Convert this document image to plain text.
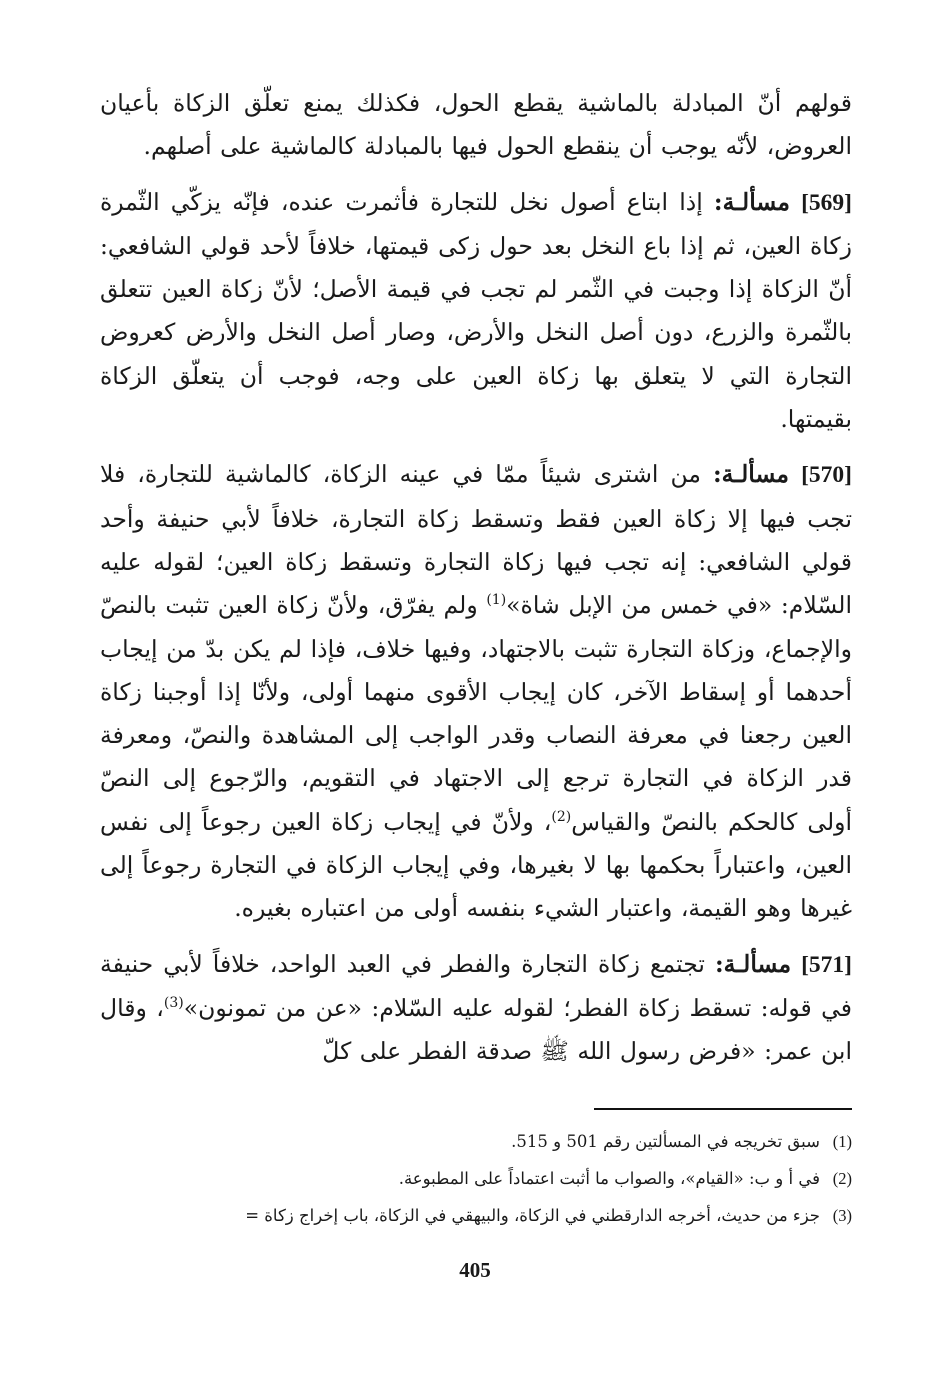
قولهم أنّ المبادلة بالماشية يقطع الحول، فكذلك يمنع تعلّق الزكاة بأعيان العروض، لأنّه يوجب أن ينقطع الحول فيها بالمبادلة كالماشية على أصلهم.

[569] مسألـة: إذا ابتاع أصول نخل للتجارة فأثمرت عنده، فإنّه يزكّي الثّمرة زكاة العين، ثم إذا باع النخل بعد حول زكى قيمتها، خلافاً لأحد قولي الشافعي: أنّ الزكاة إذا وجبت في الثّمر لم تجب في قيمة الأصل؛ لأنّ زكاة العين تتعلق بالثّمرة والزرع، دون أصل النخل والأرض، وصار أصل النخل والأرض كعروض التجارة التي لا يتعلق بها زكاة العين على وجه، فوجب أن يتعلّق الزكاة بقيمتها.

[570] مسألـة: من اشترى شيئاً ممّا في عينه الزكاة، كالماشية للتجارة، فلا تجب فيها إلا زكاة العين فقط وتسقط زكاة التجارة، خلافاً لأبي حنيفة وأحد قولي الشافعي: إنه تجب فيها زكاة التجارة وتسقط زكاة العين؛ لقوله عليه السّلام: «في خمس من الإبل شاة»$^{(1)}$ ولم يفرّق، ولأنّ زكاة العين تثبت بالنصّ والإجماع، وزكاة التجارة تثبت بالاجتهاد، وفيها خلاف، فإذا لم يكن بدّ من إيجاب أحدهما أو إسقاط الآخر، كان إيجاب الأقوى منهما أولى، ولأنّا إذا أوجبنا زكاة العين رجعنا في معرفة النصاب وقدر الواجب إلى المشاهدة والنصّ، ومعرفة قدر الزكاة في التجارة ترجع إلى الاجتهاد في التقويم، والرّجوع إلى النصّ أولى كالحكم بالنصّ والقياس$^{(2)}$، ولأنّ في إيجاب زكاة العين رجوعاً إلى نفس العين، واعتباراً بحكمها بها لا بغيرها، وفي إيجاب الزكاة في التجارة رجوعاً إلى غيرها وهو القيمة، واعتبار الشيء بنفسه أولى من اعتباره بغيره.

[571] مسألـة: تجتمع زكاة التجارة والفطر في العبد الواحد، خلافاً لأبي حنيفة في قوله: تسقط زكاة الفطر؛ لقوله عليه السّلام: «عن من تمونون»$^{(3)}$، وقال ابن عمر: «فرض رسول الله ﷺ صدقة الفطر على كلّ

(1)
سبق تخريجه في المسألتين رقم 501 و 515.
(2)
في أ و ب: «القيام»، والصواب ما أثبت اعتماداً على المطبوعة.
(3)
جزء من حديث، أخرجه الدارقطني في الزكاة، والبيهقي في الزكاة، باب إخراج زكاة =
405
